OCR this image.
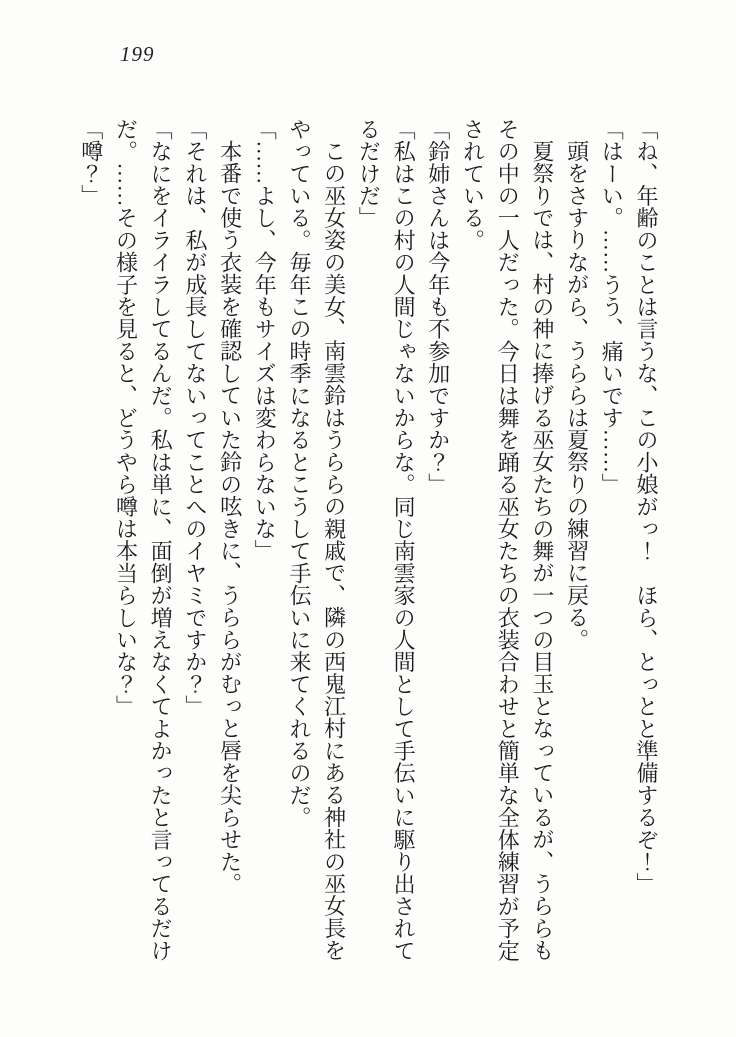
199

「ね、年齢のことは言うな、この小娘がっ！　ほら、とっとと準備するぞ！」

「はーい。……うう、痛いです……」

頭をさすりながら、うららは夏祭りの練習に戻る。

夏祭りでは、村の神に捧げる巫女たちの舞が一つの目玉となっているが、うららもその中の一人だった。今日は舞を踊る巫女たちの衣装合わせと簡単な全体練習が予定されている。

「鈴姉さんは今年も不参加ですか？」

「私はこの村の人間じゃないからな。同じ南雲家の人間として手伝いに駆り出されてるだけだ」

この巫女姿の美女、南雲鈴はうららの親戚で、隣の西鬼江村にある神社の巫女長をやっている。毎年この時季になるとこうして手伝いに来てくれるのだ。

「……よし、今年もサイズは変わらないな」

本番で使う衣装を確認していた鈴の呟きに、うららがむっと唇を尖らせた。

「それは、私が成長してないってことへのイヤミですか？」

「なにをイライラしてるんだ。私は単に、面倒が増えなくてよかったと言ってるだけだ。……その様子を見ると、どうやら噂は本当らしいな？」

「噂？」
